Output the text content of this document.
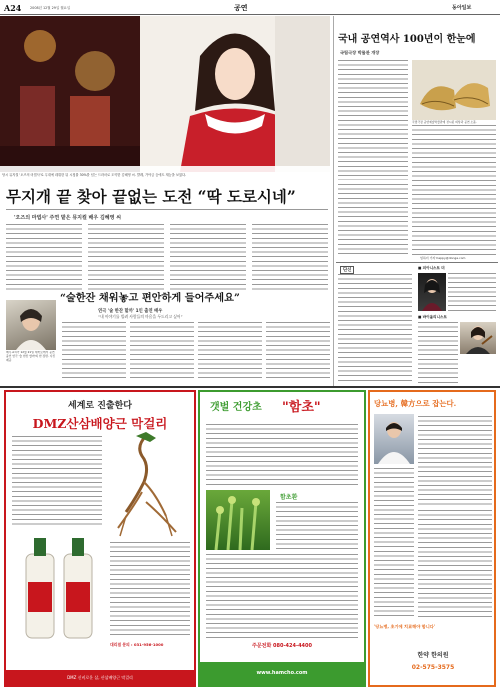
A24	2008년 12월 29일 월요일	공연	동아일보
당시 뮤지컬 '오즈의 마법사'로 무대에 데뷔한 뒤 시청률 30%를 넘는 드라마로 도약한 김혜영 씨. 발레, 가야금 등에도 재능을 보였다.
무지개 끝 찾아 끝없는 도전 “딱 도로시네”
'오즈의 마법사' 주연 맡은 뮤지컬 배우 김혜영 씨
“술한잔 채워놓고 편안하게 들어주세요”
연극 '술 한잔 할까' 1인 출연 배우
“내 이야기를 빌려 사람들의 마음을 두드리고 싶어”
배우 A씨가 12월 21일 대학로에서 공연 중인 연극 '술 한잔 할까'의 한 장면. 사진 제공
국내 공연역사 100년이 한눈에
국립극장 박물관 개장
국립극장 공연예술박물관에 전시된 의상과 공연 소품.
임하이 기자 happy@donga.com
단신	■ 피아니스트 미
■ 바이올리니스트
세계로 진출한다
DMZ산삼배양근 막걸리
대리점 문의 : 031-956-1000
DMZ 신비로운 삼, 산삼배양근 막걸리
갯벌 건강초 "함초"
함초환
주문전화 080-424-4400
www.hamcho.com
당뇨병, 韓方으로 잡는다.
'당뇨병, 초기에 치료해야 합니다'
한약 한의원
02-575-3575
